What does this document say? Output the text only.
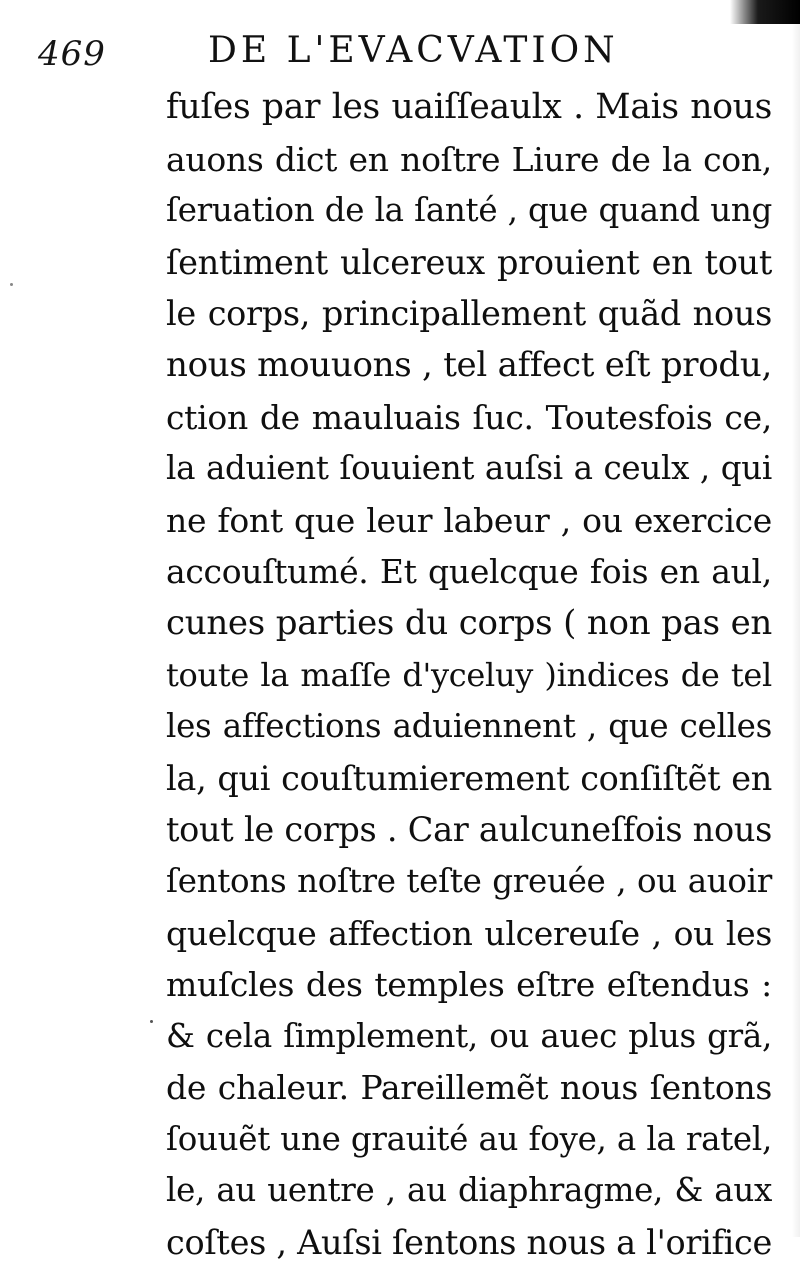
469	DE L'EVACVATION
fuſes par les uaiſſeaulx . Mais nous
auons dict en noſtre Liure de la con,
ſeruation de la ſanté , que quand ung
ſentiment ulcereux prouient en tout
le corps, principallement quãd nous
nous mouuons , tel affect eſt produ,
ction de mauluais ſuc. Toutesfois ce,
la aduient ſouuient auſsi a ceulx , qui
ne font que leur labeur , ou exercice
accouſtumé. Et quelcque fois en aul,
cunes parties du corps ( non pas en
toute la maſſe d'yceluy )indices de tel
les affections aduiennent , que celles
la, qui couſtumierement conſiſtẽt en
tout le corps . Car aulcuneſfois nous
ſentons noſtre teſte greuée , ou auoir
quelcque affection ulcereuſe , ou les
muſcles des temples eſtre eſtendus :
& cela ſimplement, ou auec plus grã,
de chaleur. Pareillemẽt nous ſentons
ſouuẽt une grauité au foye, a la ratel,
le, au uentre , au diaphragme, & aux
coſtes , Auſsi ſentons nous a l'orifice
